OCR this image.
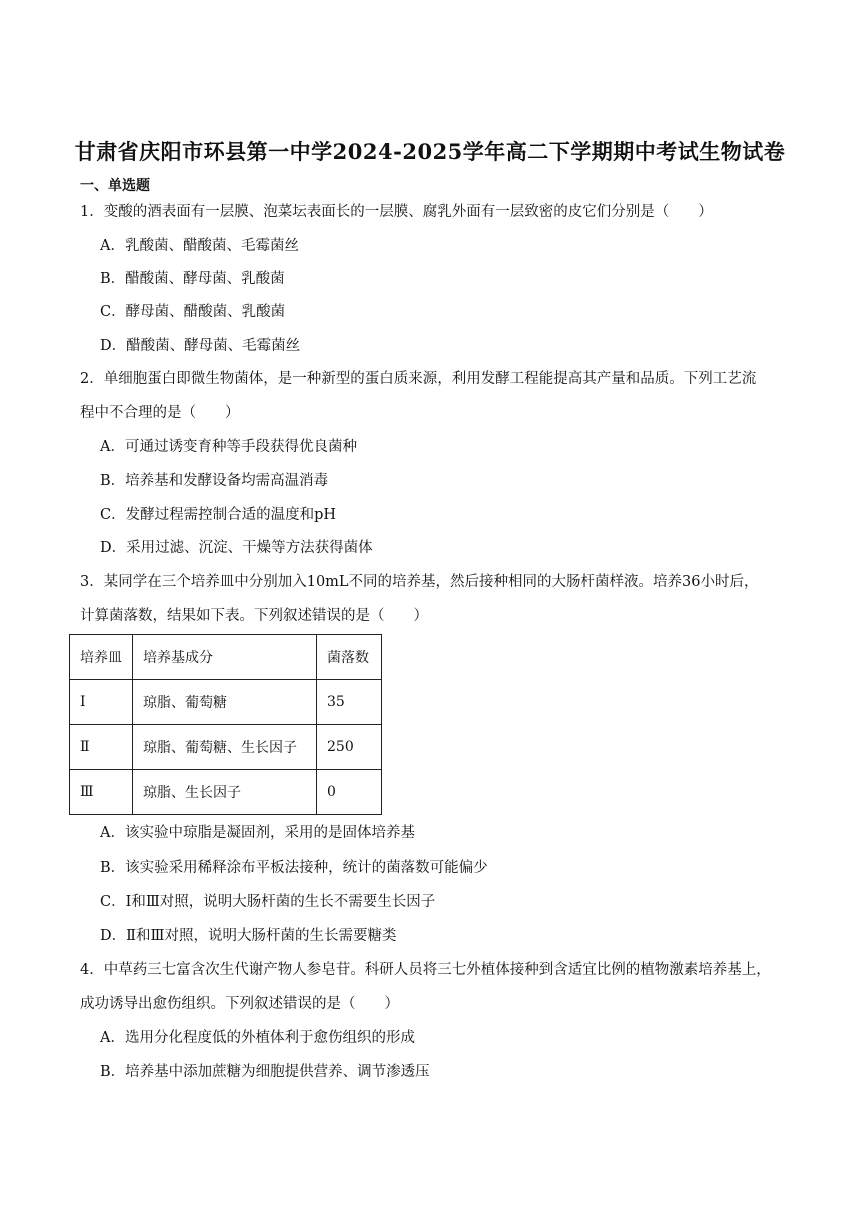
甘肃省庆阳市环县第一中学2024-2025学年高二下学期期中考试生物试卷
一、单选题
1．变酸的酒表面有一层膜、泡菜坛表面长的一层膜、腐乳外面有一层致密的皮它们分别是（　　）
A．乳酸菌、醋酸菌、毛霉菌丝
B．醋酸菌、酵母菌、乳酸菌
C．酵母菌、醋酸菌、乳酸菌
D．醋酸菌、酵母菌、毛霉菌丝
2．单细胞蛋白即微生物菌体，是一种新型的蛋白质来源，利用发酵工程能提高其产量和品质。下列工艺流
程中不合理的是（　　）
A．可通过诱变育种等手段获得优良菌种
B．培养基和发酵设备均需高温消毒
C．发酵过程需控制合适的温度和pH
D．采用过滤、沉淀、干燥等方法获得菌体
3．某同学在三个培养皿中分别加入10mL不同的培养基，然后接种相同的大肠杆菌样液。培养36小时后，
计算菌落数，结果如下表。下列叙述错误的是（　　）
培养皿	培养基成分	菌落数
I	琼脂、葡萄糖	35
Ⅱ	琼脂、葡萄糖、生长因子	250
Ⅲ	琼脂、生长因子	0
A．该实验中琼脂是凝固剂，采用的是固体培养基
B．该实验采用稀释涂布平板法接种，统计的菌落数可能偏少
C．I和Ⅲ对照，说明大肠杆菌的生长不需要生长因子
D．Ⅱ和Ⅲ对照，说明大肠杆菌的生长需要糖类
4．中草药三七富含次生代谢产物人参皂苷。科研人员将三七外植体接种到含适宜比例的植物激素培养基上，
成功诱导出愈伤组织。下列叙述错误的是（　　）
A．选用分化程度低的外植体利于愈伤组织的形成
B．培养基中添加蔗糖为细胞提供营养、调节渗透压
